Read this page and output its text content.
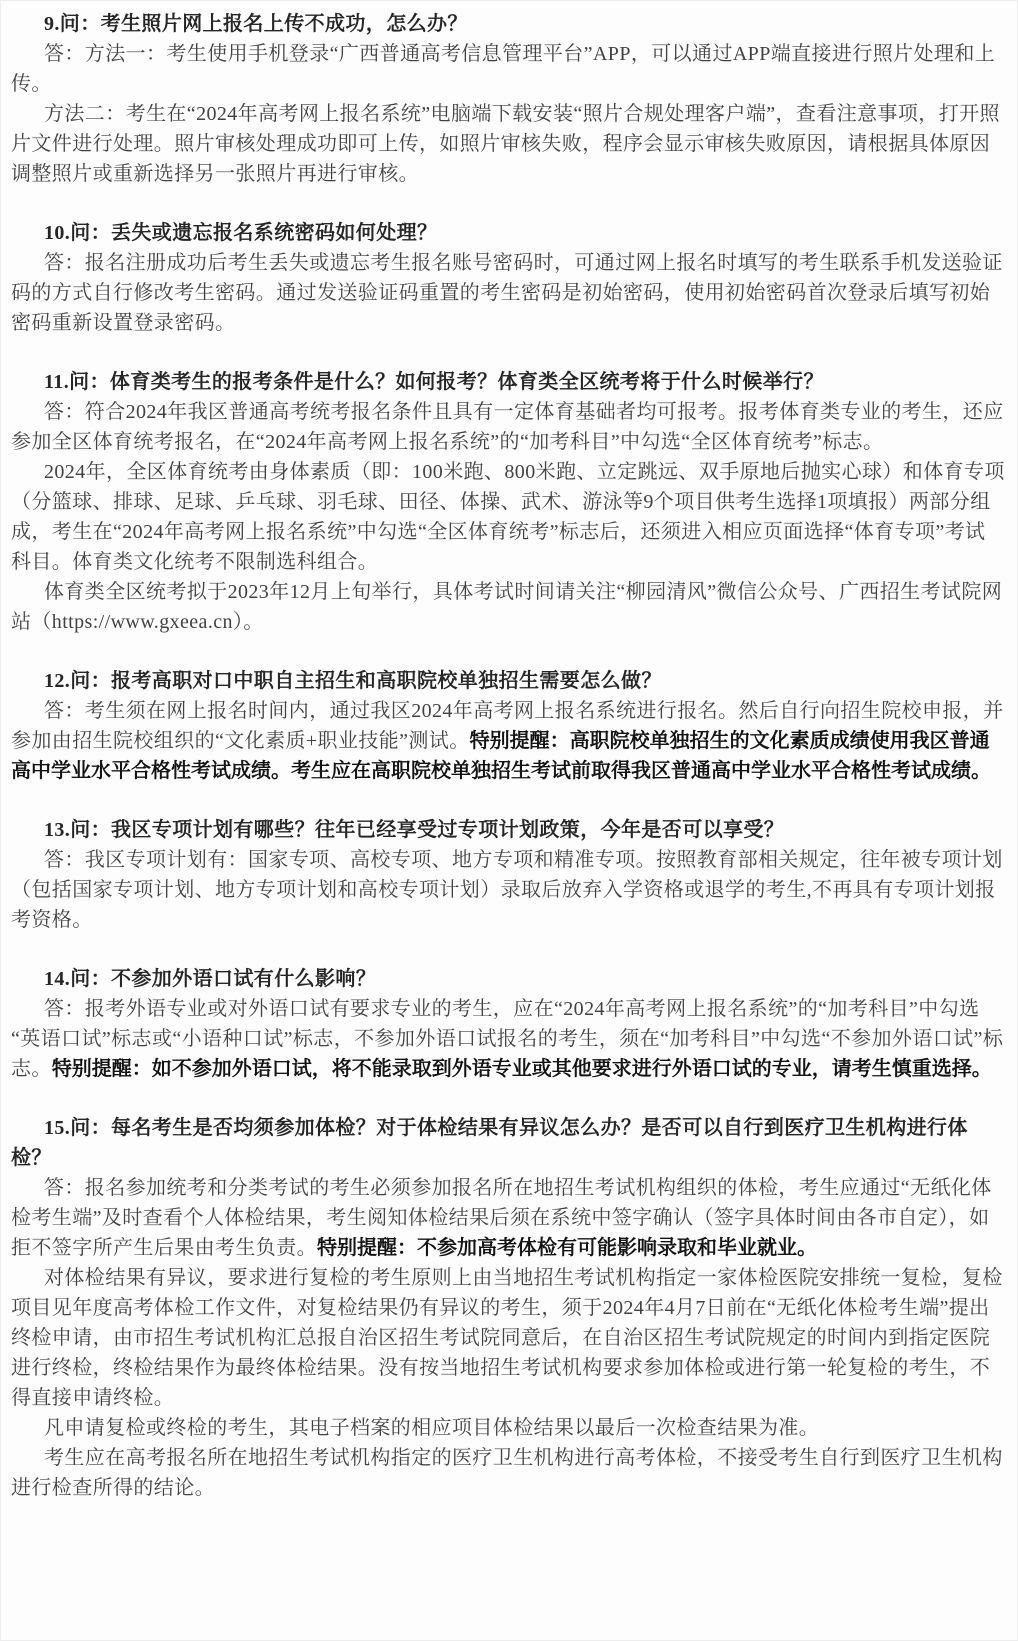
9.问：考生照片网上报名上传不成功，怎么办？

答：方法一：考生使用手机登录“广西普通高考信息管理平台”APP，可以通过APP端直接进行照片处理和上传。

方法二：考生在“2024年高考网上报名系统”电脑端下载安装“照片合规处理客户端”，查看注意事项，打开照片文件进行处理。照片审核处理成功即可上传，如照片审核失败，程序会显示审核失败原因，请根据具体原因调整照片或重新选择另一张照片再进行审核。

10.问：丢失或遗忘报名系统密码如何处理？

答：报名注册成功后考生丢失或遗忘考生报名账号密码时，可通过网上报名时填写的考生联系手机发送验证码的方式自行修改考生密码。通过发送验证码重置的考生密码是初始密码，使用初始密码首次登录后填写初始密码重新设置登录密码。

11.问：体育类考生的报考条件是什么？如何报考？体育类全区统考将于什么时候举行？

答：符合2024年我区普通高考统考报名条件且具有一定体育基础者均可报考。报考体育类专业的考生，还应参加全区体育统考报名，在“2024年高考网上报名系统”的“加考科目”中勾选“全区体育统考”标志。

2024年，全区体育统考由身体素质（即：100米跑、800米跑、立定跳远、双手原地后抛实心球）和体育专项（分篮球、排球、足球、乒乓球、羽毛球、田径、体操、武术、游泳等9个项目供考生选择1项填报）两部分组成，考生在“2024年高考网上报名系统”中勾选“全区体育统考”标志后，还须进入相应页面选择“体育专项”考试科目。体育类文化统考不限制选科组合。

体育类全区统考拟于2023年12月上旬举行，具体考试时间请关注“柳园清风”微信公众号、广西招生考试院网站（https://www.gxeea.cn）。

12.问：报考高职对口中职自主招生和高职院校单独招生需要怎么做？

答：考生须在网上报名时间内，通过我区2024年高考网上报名系统进行报名。然后自行向招生院校申报，并参加由招生院校组织的“文化素质+职业技能”测试。特别提醒：高职院校单独招生的文化素质成绩使用我区普通高中学业水平合格性考试成绩。考生应在高职院校单独招生考试前取得我区普通高中学业水平合格性考试成绩。

13.问：我区专项计划有哪些？往年已经享受过专项计划政策，今年是否可以享受？

答：我区专项计划有：国家专项、高校专项、地方专项和精准专项。按照教育部相关规定，往年被专项计划（包括国家专项计划、地方专项计划和高校专项计划）录取后放弃入学资格或退学的考生,不再具有专项计划报考资格。

14.问：不参加外语口试有什么影响？

答：报考外语专业或对外语口试有要求专业的考生，应在“2024年高考网上报名系统”的“加考科目”中勾选“英语口试”标志或“小语种口试”标志，不参加外语口试报名的考生，须在“加考科目”中勾选“不参加外语口试”标志。特别提醒：如不参加外语口试，将不能录取到外语专业或其他要求进行外语口试的专业，请考生慎重选择。

15.问：每名考生是否均须参加体检？对于体检结果有异议怎么办？是否可以自行到医疗卫生机构进行体检？

答：报名参加统考和分类考试的考生必须参加报名所在地招生考试机构组织的体检，考生应通过“无纸化体检考生端”及时查看个人体检结果，考生阅知体检结果后须在系统中签字确认（签字具体时间由各市自定），如拒不签字所产生后果由考生负责。特别提醒：不参加高考体检有可能影响录取和毕业就业。

对体检结果有异议，要求进行复检的考生原则上由当地招生考试机构指定一家体检医院安排统一复检，复检项目见年度高考体检工作文件，对复检结果仍有异议的考生，须于2024年4月7日前在“无纸化体检考生端”提出终检申请，由市招生考试机构汇总报自治区招生考试院同意后，在自治区招生考试院规定的时间内到指定医院进行终检，终检结果作为最终体检结果。没有按当地招生考试机构要求参加体检或进行第一轮复检的考生，不得直接申请终检。

凡申请复检或终检的考生，其电子档案的相应项目体检结果以最后一次检查结果为准。

考生应在高考报名所在地招生考试机构指定的医疗卫生机构进行高考体检，不接受考生自行到医疗卫生机构进行检查所得的结论。
